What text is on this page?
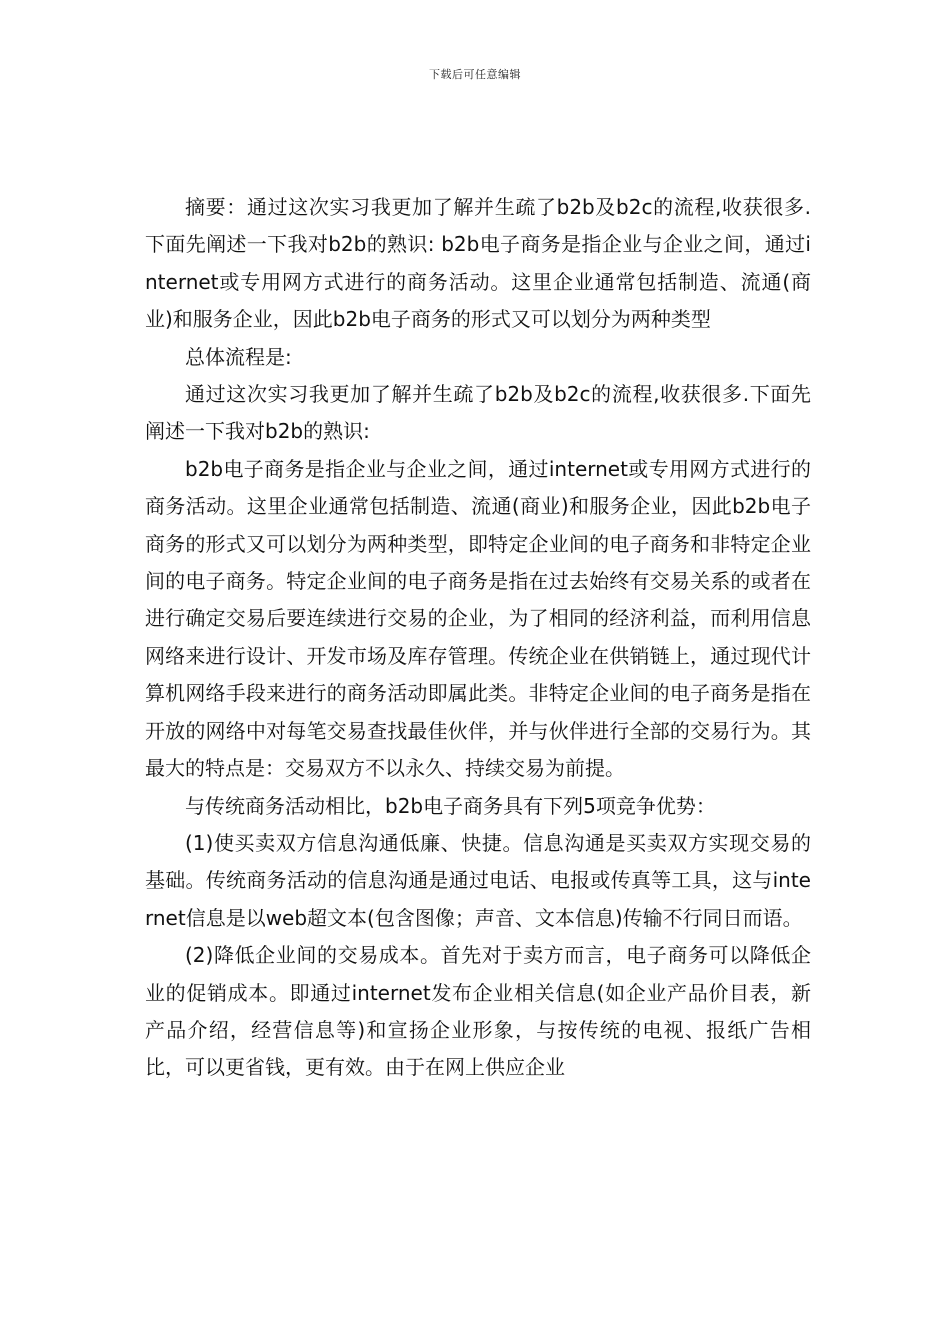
下载后可任意编辑

摘要：通过这次实习我更加了解并生疏了b2b及b2c的流程,收获很多.下面先阐述一下我对b2b的熟识: b2b电子商务是指企业与企业之间，通过internet或专用网方式进行的商务活动。这里企业通常包括制造、流通(商业)和服务企业，因此b2b电子商务的形式又可以划分为两种类型

总体流程是:

通过这次实习我更加了解并生疏了b2b及b2c的流程,收获很多.下面先阐述一下我对b2b的熟识:

b2b电子商务是指企业与企业之间，通过internet或专用网方式进行的商务活动。这里企业通常包括制造、流通(商业)和服务企业，因此b2b电子商务的形式又可以划分为两种类型，即特定企业间的电子商务和非特定企业间的电子商务。特定企业间的电子商务是指在过去始终有交易关系的或者在进行确定交易后要连续进行交易的企业，为了相同的经济利益，而利用信息网络来进行设计、开发市场及库存管理。传统企业在供销链上，通过现代计算机网络手段来进行的商务活动即属此类。非特定企业间的电子商务是指在开放的网络中对每笔交易查找最佳伙伴，并与伙伴进行全部的交易行为。其最大的特点是：交易双方不以永久、持续交易为前提。

与传统商务活动相比，b2b电子商务具有下列5项竞争优势：

(1)使买卖双方信息沟通低廉、快捷。信息沟通是买卖双方实现交易的基础。传统商务活动的信息沟通是通过电话、电报或传真等工具，这与internet信息是以web超文本(包含图像；声音、文本信息)传输不行同日而语。

(2)降低企业间的交易成本。首先对于卖方而言，电子商务可以降低企业的促销成本。即通过internet发布企业相关信息(如企业产品价目表，新产品介绍，经营信息等)和宣扬企业形象，与按传统的电视、报纸广告相比，可以更省钱，更有效。由于在网上供应企业
